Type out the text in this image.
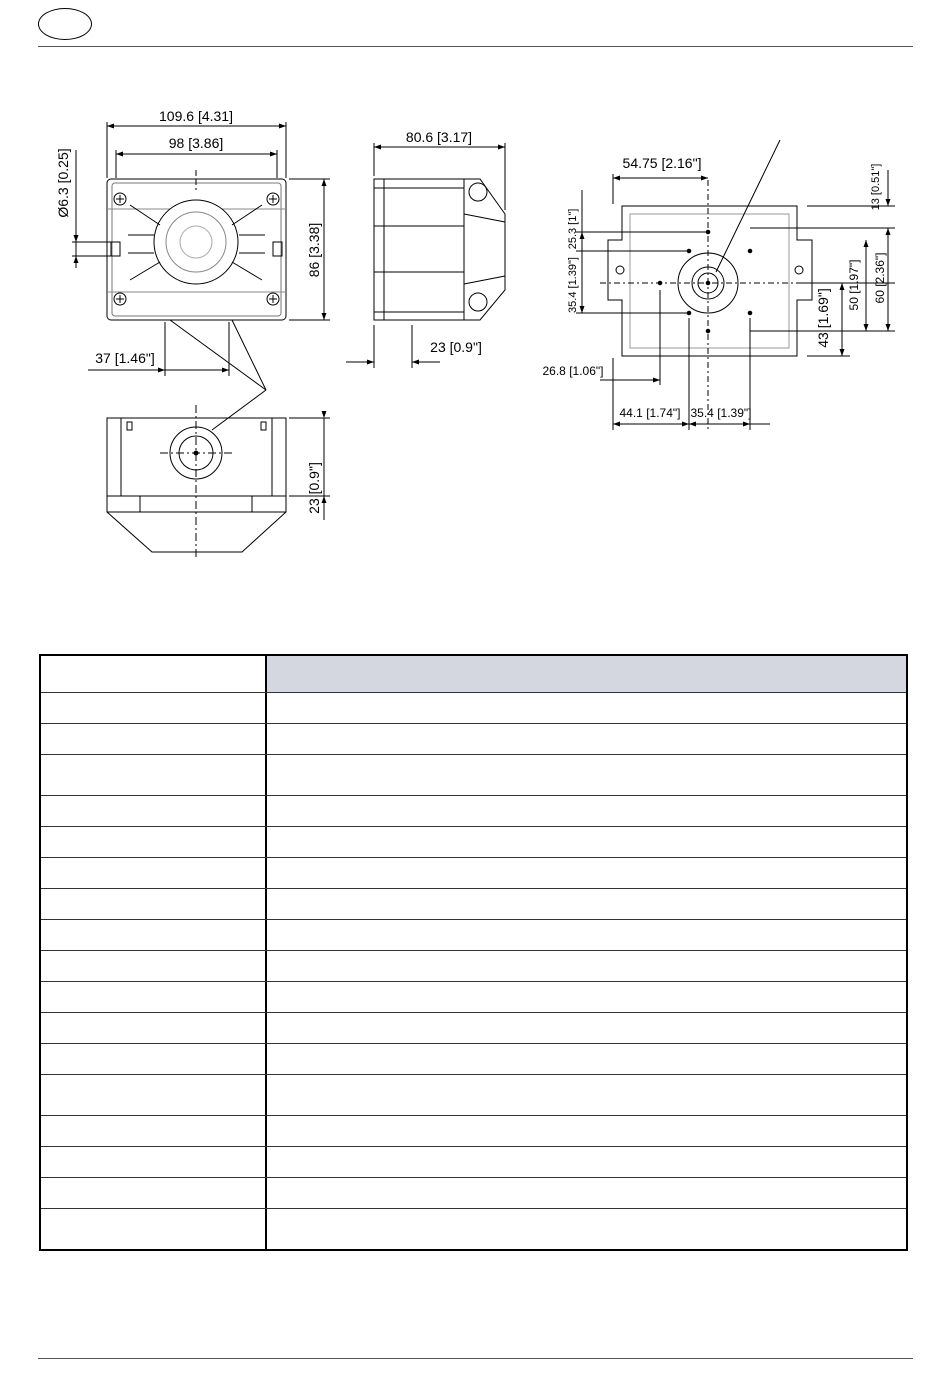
109.6 [4.31]
98 [3.86]
Ø6.3 [0.25]
86 [3.38]
37 [1.46"]
80.6 [3.17]
23 [0.9"]
23 [0.9"]
54.75 [2.16"]
13 [0.51"]
25.3 [1"]
35.4 [1.39"]	60 [2.36"]
50 [1.97"]
43 [1.69"]
26.8 [1.06"]
44.1 [1.74"] 35.4 [1.39"]
